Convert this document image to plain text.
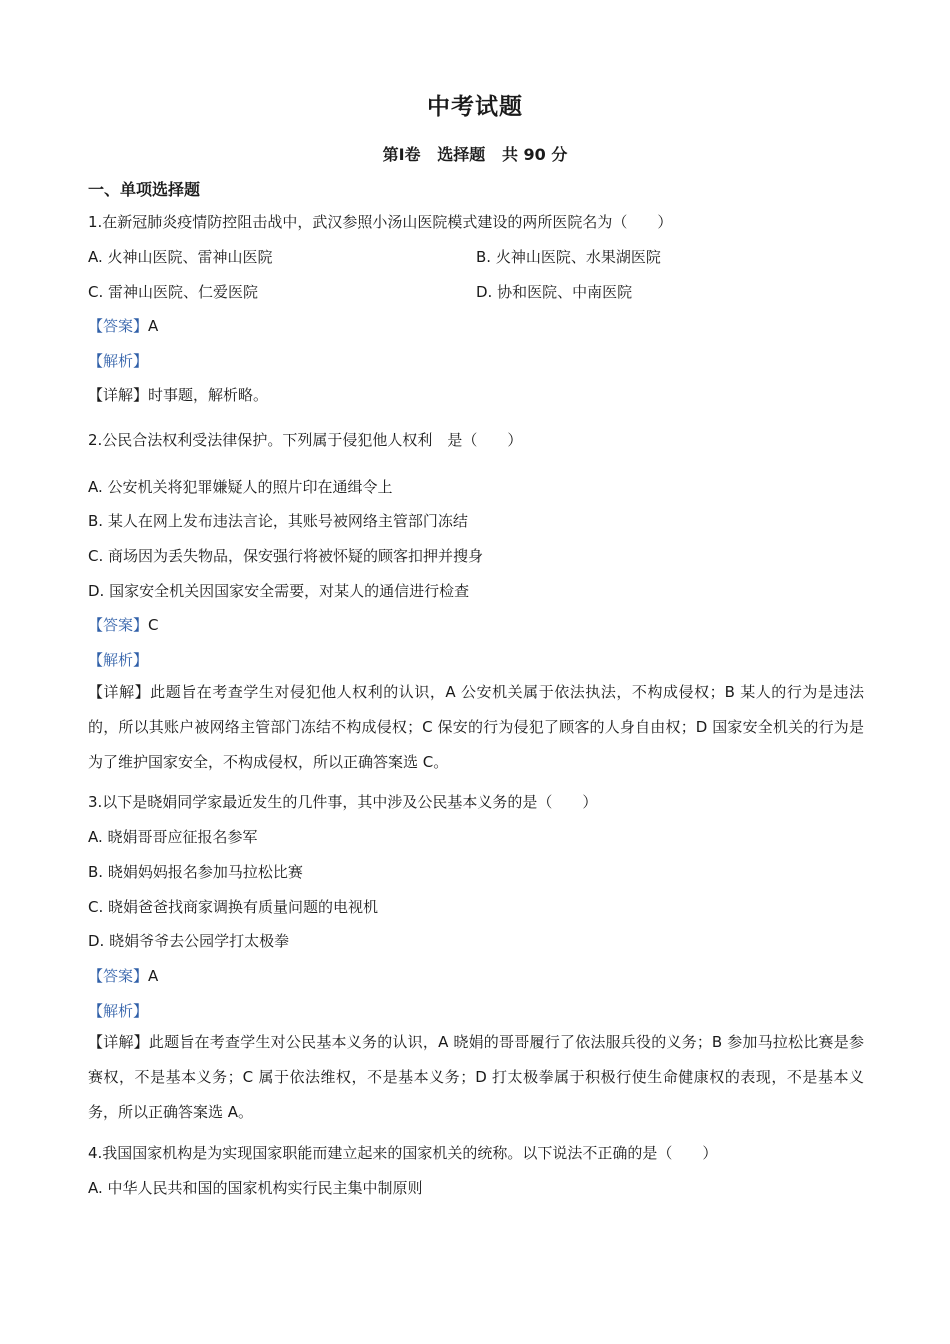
中考试题
第Ⅰ卷   选择题   共 90 分
一、单项选择题
1.在新冠肺炎疫情防控阻击战中，武汉参照小汤山医院模式建设的两所医院名为（　　）
A. 火神山医院、雷神山医院	B. 火神山医院、水果湖医院
C. 雷神山医院、仁爱医院	D. 协和医院、中南医院
【答案】A
【解析】
【详解】时事题，解析略。
2.公民合法权利受法律保护。下列属于侵犯他人权利　是（　　）
A. 公安机关将犯罪嫌疑人的照片印在通缉令上
B. 某人在网上发布违法言论，其账号被网络主管部门冻结
C. 商场因为丢失物品，保安强行将被怀疑的顾客扣押并搜身
D. 国家安全机关因国家安全需要，对某人的通信进行检查
【答案】C
【解析】
【详解】此题旨在考查学生对侵犯他人权利的认识，A 公安机关属于依法执法，不构成侵权；B 某人的行为是违法的，所以其账户被网络主管部门冻结不构成侵权；C 保安的行为侵犯了顾客的人身自由权；D 国家安全机关的行为是为了维护国家安全，不构成侵权，所以正确答案选 C。
3.以下是晓娟同学家最近发生的几件事，其中涉及公民基本义务的是（　　）
A. 晓娟哥哥应征报名参军
B. 晓娟妈妈报名参加马拉松比赛
C. 晓娟爸爸找商家调换有质量问题的电视机
D. 晓娟爷爷去公园学打太极拳
【答案】A
【解析】
【详解】此题旨在考查学生对公民基本义务的认识，A 晓娟的哥哥履行了依法服兵役的义务；B 参加马拉松比赛是参赛权，不是基本义务；C 属于依法维权，不是基本义务；D 打太极拳属于积极行使生命健康权的表现，不是基本义务，所以正确答案选 A。
4.我国国家机构是为实现国家职能而建立起来的国家机关的统称。以下说法不正确的是（　　）
A. 中华人民共和国的国家机构实行民主集中制原则
